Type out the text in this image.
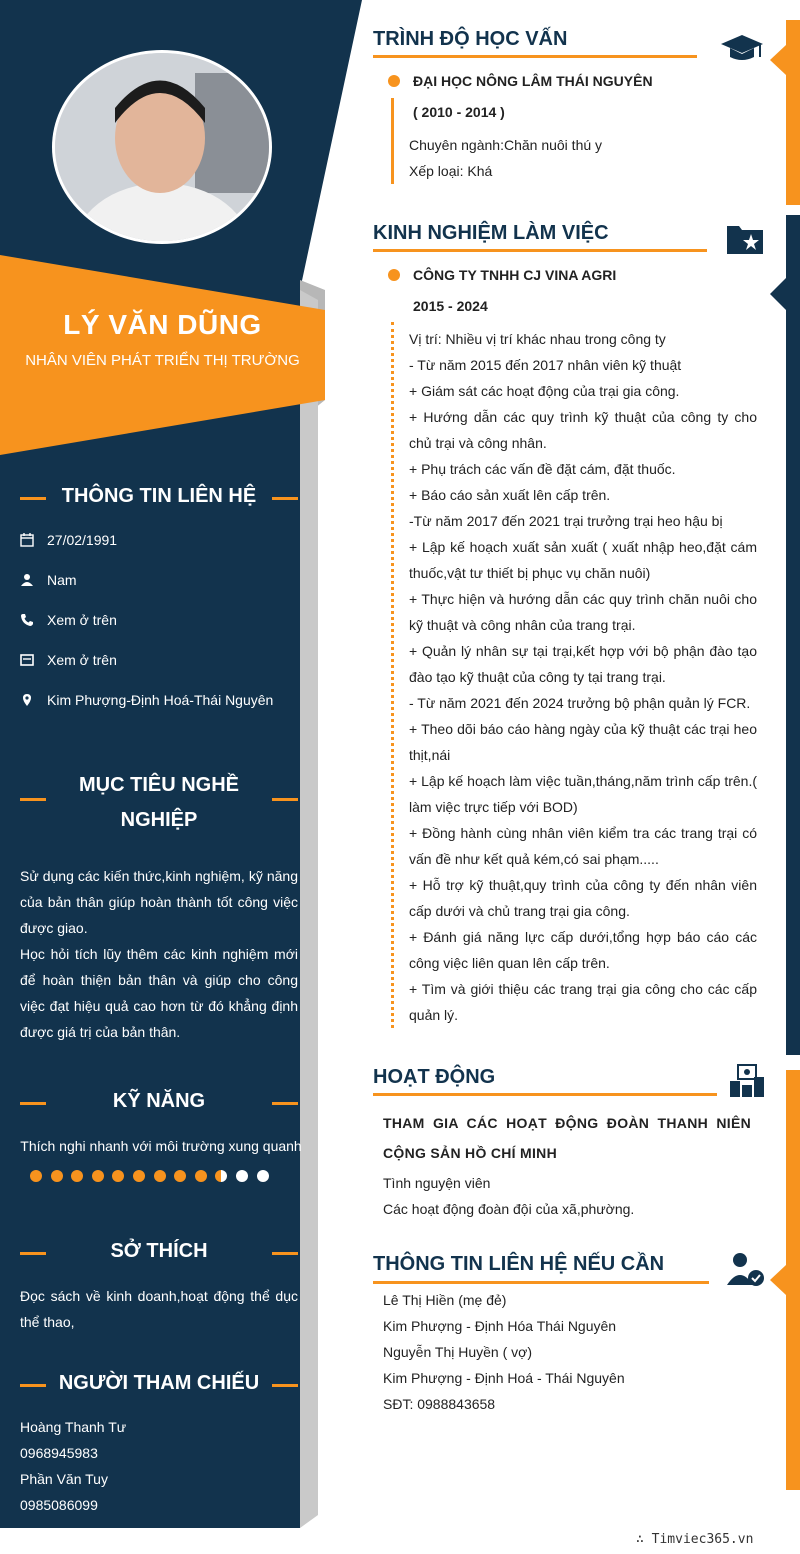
LÝ VĂN DŨNG
NHÂN VIÊN PHÁT TRIỂN THỊ TRƯỜNG
THÔNG TIN LIÊN HỆ
27/02/1991
Nam
Xem ở trên
Xem ở trên
Kim Phượng-Định Hoá-Thái Nguyên
MỤC TIÊU NGHỀ
NGHIỆP
Sử dụng các kiến thức,kinh nghiệm, kỹ năng của bản thân giúp hoàn thành tốt công việc được giao.
Học hỏi tích lũy thêm các kinh nghiệm mới để hoàn thiện bản thân và giúp cho công việc đạt hiệu quả cao hơn từ đó khẳng định được giá trị của bản thân.
KỸ NĂNG
Thích nghi nhanh với môi trường xung quanh
SỞ THÍCH
Đọc sách về kinh doanh,hoạt động thể dục thể thao,
NGƯỜI THAM CHIẾU
Hoàng Thanh Tư
0968945983
Phần Văn Tuy
0985086099
TRÌNH ĐỘ HỌC VẤN
ĐẠI HỌC NÔNG LÂM THÁI NGUYÊN
( 2010 - 2014 )
Chuyên ngành:Chăn nuôi thú y
Xếp loại: Khá
KINH NGHIỆM LÀM VIỆC
CÔNG TY TNHH CJ VINA AGRI
2015 - 2024
Vị trí: Nhiều vị trí khác nhau trong công ty
- Từ năm 2015 đến 2017 nhân viên kỹ thuật
+ Giám sát các hoạt động của trại gia công.
+ Hướng dẫn các quy trình kỹ thuật của công ty cho chủ trại và công nhân.
+ Phụ trách các vấn đề đặt cám, đặt thuốc.
+ Báo cáo sản xuất lên cấp trên.
-Từ năm 2017 đến 2021 trại trưởng trại heo hậu bị
+ Lập kế hoạch xuất sản xuất ( xuất nhập heo,đặt cám thuốc,vật tư thiết bị phục vụ chăn nuôi)
+ Thực hiện và hướng dẫn các quy trình chăn nuôi cho kỹ thuật và công nhân của trang trại.
+ Quản lý nhân sự tại trại,kết hợp với bộ phận đào tạo đào tạo kỹ thuật của công ty tại trang trại.
- Từ năm 2021 đến 2024 trưởng bộ phận quản lý FCR.
+ Theo dõi báo cáo hàng ngày của kỹ thuật các trại heo thịt,nái
+ Lập kế hoạch làm việc tuần,tháng,năm trình cấp trên.( làm việc trực tiếp với BOD)
+ Đồng hành cùng nhân viên kiểm tra các trang trại có vấn đề như kết quả kém,có sai phạm.....
+ Hỗ trợ kỹ thuật,quy trình của công ty đến nhân viên cấp dưới và chủ trang trại gia công.
+ Đánh giá năng lực cấp dưới,tổng hợp báo cáo các công việc liên quan lên cấp trên.
+ Tìm và giới thiệu các trang trại gia công cho các cấp quản lý.
HOẠT ĐỘNG
THAM GIA CÁC HOẠT ĐỘNG ĐOÀN THANH NIÊN CỘNG SẢN HỒ CHÍ MINH
Tình nguyện viên
Các hoạt động đoàn đội của xã,phường.
THÔNG TIN LIÊN HỆ NẾU CẦN
Lê Thị Hiền (mẹ đẻ)
Kim Phượng - Định Hóa Thái Nguyên
Nguyễn Thị Huyền ( vợ)
Kim Phượng - Định Hoá - Thái Nguyên
SĐT: 0988843658
∴ Timviec365.vn
